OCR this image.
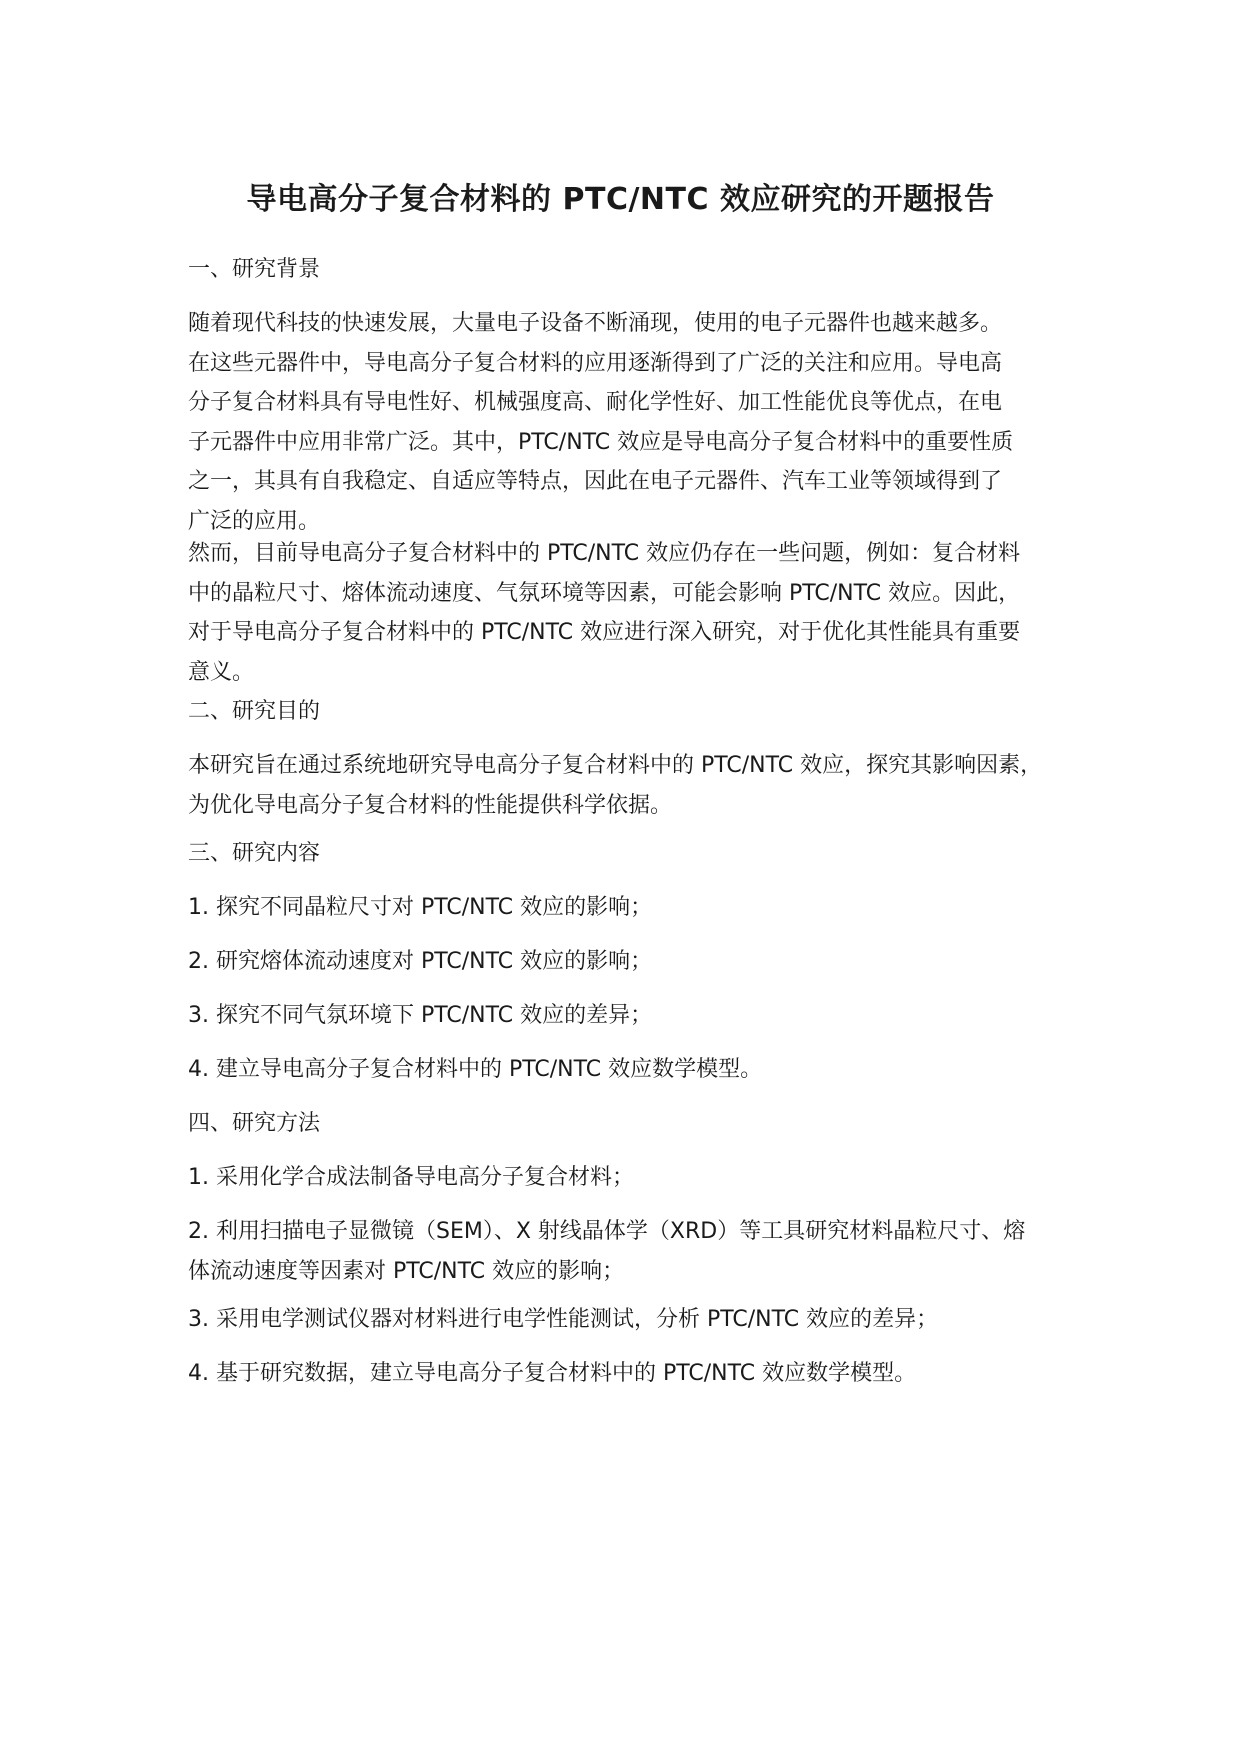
导电高分子复合材料的 PTC/NTC 效应研究的开题报告
一、研究背景
随着现代科技的快速发展，大量电子设备不断涌现，使用的电子元器件也越来越多。
在这些元器件中，导电高分子复合材料的应用逐渐得到了广泛的关注和应用。导电高
分子复合材料具有导电性好、机械强度高、耐化学性好、加工性能优良等优点，在电
子元器件中应用非常广泛。其中，PTC/NTC 效应是导电高分子复合材料中的重要性质
之一，其具有自我稳定、自适应等特点，因此在电子元器件、汽车工业等领域得到了
广泛的应用。
然而，目前导电高分子复合材料中的 PTC/NTC 效应仍存在一些问题，例如：复合材料
中的晶粒尺寸、熔体流动速度、气氛环境等因素，可能会影响 PTC/NTC 效应。因此，
对于导电高分子复合材料中的 PTC/NTC 效应进行深入研究，对于优化其性能具有重要
意义。
二、研究目的
本研究旨在通过系统地研究导电高分子复合材料中的 PTC/NTC 效应，探究其影响因素，
为优化导电高分子复合材料的性能提供科学依据。
三、研究内容
1. 探究不同晶粒尺寸对 PTC/NTC 效应的影响；
2. 研究熔体流动速度对 PTC/NTC 效应的影响；
3. 探究不同气氛环境下 PTC/NTC 效应的差异；
4. 建立导电高分子复合材料中的 PTC/NTC 效应数学模型。
四、研究方法
1. 采用化学合成法制备导电高分子复合材料；
2. 利用扫描电子显微镜（SEM）、X 射线晶体学（XRD）等工具研究材料晶粒尺寸、熔
体流动速度等因素对 PTC/NTC 效应的影响；
3. 采用电学测试仪器对材料进行电学性能测试，分析 PTC/NTC 效应的差异；
4. 基于研究数据，建立导电高分子复合材料中的 PTC/NTC 效应数学模型。
